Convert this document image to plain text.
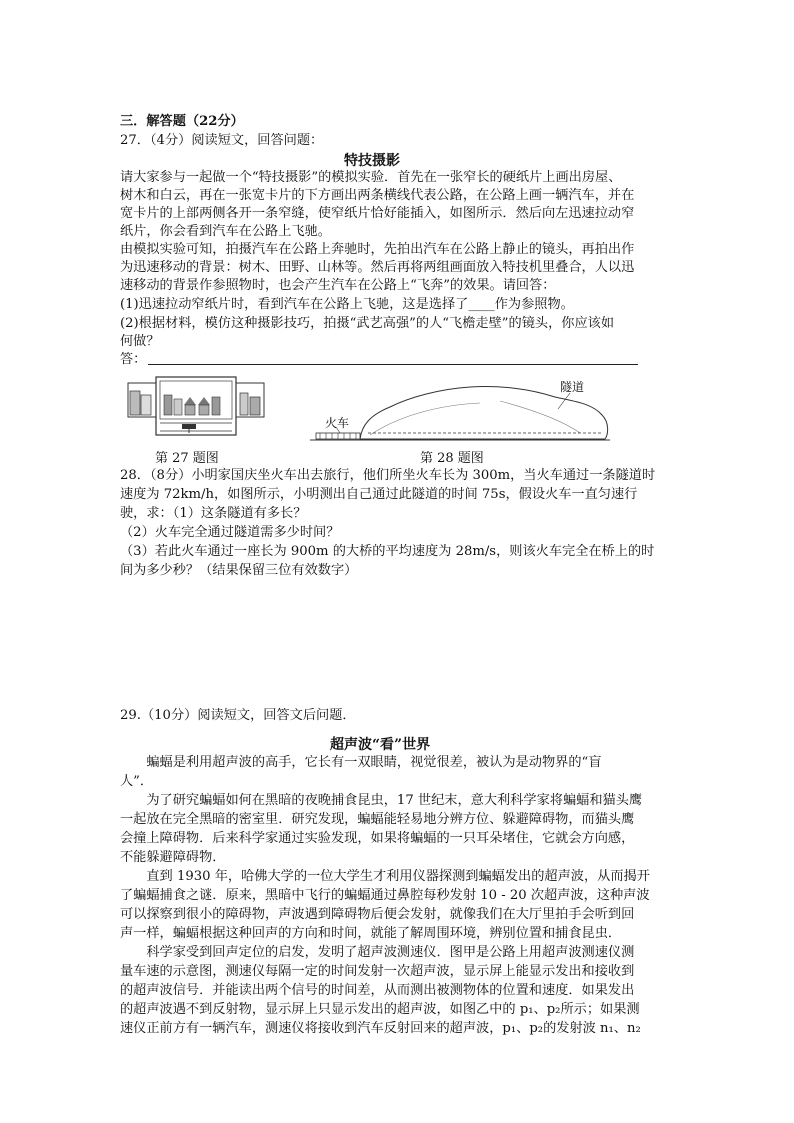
三．解答题（22分）
27．（4分）阅读短文，回答问题：
特技摄影
请大家参与一起做一个“特技摄影”的模拟实验．首先在一张窄长的硬纸片上画出房屋、
树木和白云，再在一张宽卡片的下方画出两条横线代表公路，在公路上画一辆汽车，并在
宽卡片的上部两侧各开一条窄缝，使窄纸片恰好能插入，如图所示．然后向左迅速拉动窄
纸片，你会看到汽车在公路上飞驰。
由模拟实验可知，拍摄汽车在公路上奔驰时，先拍出汽车在公路上静止的镜头，再拍出作
为迅速移动的背景：树木、田野、山林等。然后再将两组画面放入特技机里叠合，人以迅
速移动的背景作参照物时，也会产生汽车在公路上“飞奔”的效果。请回答：
(1)迅速拉动窄纸片时，看到汽车在公路上飞驰，这是选择了____作为参照物。
(2)根据材料，模仿这种摄影技巧，拍摄“武艺高强”的人“飞檐走壁”的镜头，你应该如
何做？
答：
火车
隧道
第 27 题图	第 28 题图
28．（8分）小明家国庆坐火车出去旅行，他们所坐火车长为 300m，当火车通过一条隧道时
速度为 72km/h，如图所示，小明测出自己通过此隧道的时间 75s，假设火车一直匀速行
驶，求：（1）这条隧道有多长？
（2）火车完全通过隧道需多少时间？
（3）若此火车通过一座长为 900m 的大桥的平均速度为 28m/s，则该火车完全在桥上的时
间为多少秒？（结果保留三位有效数字）
29.（10分）阅读短文，回答文后问题．
超声波“看”世界
　　蝙蝠是利用超声波的高手，它长有一双眼睛，视觉很差，被认为是动物界的“盲
人”．
　　为了研究蝙蝠如何在黑暗的夜晚捕食昆虫，17 世纪末，意大利科学家将蝙蝠和猫头鹰
一起放在完全黑暗的密室里．研究发现，蝙蝠能轻易地分辨方位、躲避障碍物，而猫头鹰
会撞上障碍物．后来科学家通过实验发现，如果将蝙蝠的一只耳朵堵住，它就会方向感，
不能躲避障碍物．
　　直到 1930 年，哈佛大学的一位大学生才利用仪器探测到蝙蝠发出的超声波，从而揭开
了蝙蝠捕食之谜．原来，黑暗中飞行的蝙蝠通过鼻腔每秒发射 10 - 20 次超声波，这种声波
可以探察到很小的障碍物，声波遇到障碍物后便会发射，就像我们在大厅里拍手会听到回
声一样，蝙蝠根据这种回声的方向和时间，就能了解周围环境，辨别位置和捕食昆虫．
　　科学家受到回声定位的启发，发明了超声波测速仪．图甲是公路上用超声波测速仪测
量车速的示意图，测速仪每隔一定的时间发射一次超声波，显示屏上能显示发出和接收到
的超声波信号．并能读出两个信号的时间差，从而测出被测物体的位置和速度．如果发出
的超声波遇不到反射物，显示屏上只显示发出的超声波，如图乙中的 p₁、p₂所示；如果测
速仪正前方有一辆汽车，测速仪将接收到汽车反射回来的超声波，p₁、p₂的发射波 n₁、n₂
